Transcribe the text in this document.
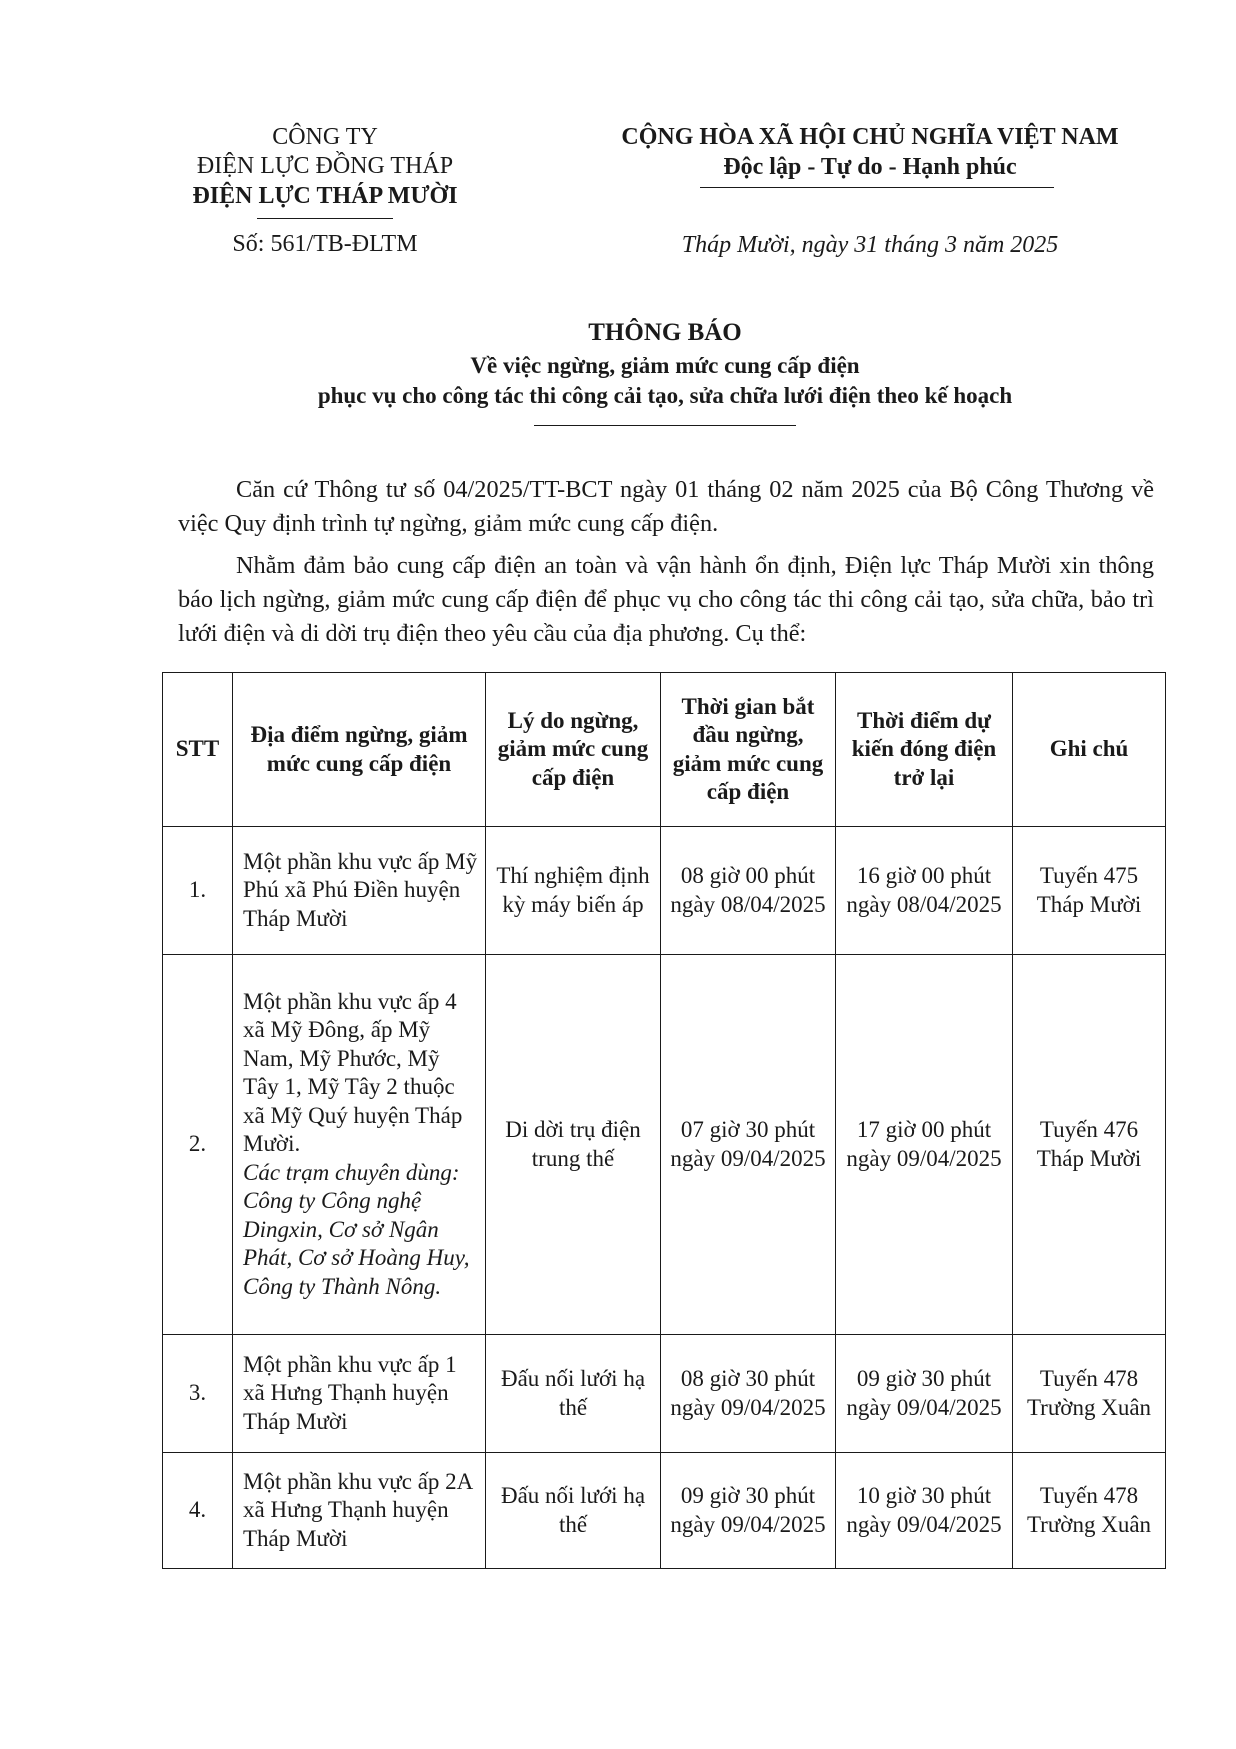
CÔNG TY
ĐIỆN LỰC ĐỒNG THÁP
ĐIỆN LỰC THÁP MƯỜI
Số: 561/TB-ĐLTM
CỘNG HÒA XÃ HỘI CHỦ NGHĨA VIỆT NAM
Độc lập - Tự do - Hạnh phúc
Tháp Mười, ngày 31 tháng 3 năm 2025
THÔNG BÁO
Về việc ngừng, giảm mức cung cấp điện
phục vụ cho công tác thi công cải tạo, sửa chữa lưới điện theo kế hoạch
Căn cứ Thông tư số 04/2025/TT-BCT ngày 01 tháng 02 năm 2025 của Bộ Công Thương về việc Quy định trình tự ngừng, giảm mức cung cấp điện.
Nhằm đảm bảo cung cấp điện an toàn và vận hành ổn định, Điện lực Tháp Mười xin thông báo lịch ngừng, giảm mức cung cấp điện để phục vụ cho công tác thi công cải tạo, sửa chữa, bảo trì lưới điện và di dời trụ điện theo yêu cầu của địa phương. Cụ thể:
STT	Địa điểm ngừng, giảm mức cung cấp điện	Lý do ngừng, giảm mức cung cấp điện	Thời gian bắt đầu ngừng, giảm mức cung cấp điện	Thời điểm dự kiến đóng điện trở lại	Ghi chú
1.	Một phần khu vực ấp Mỹ Phú xã Phú Điền huyện Tháp Mười	Thí nghiệm định kỳ máy biến áp	08 giờ 00 phút ngày 08/04/2025	16 giờ 00 phút ngày 08/04/2025	Tuyến 475 Tháp Mười
2.	Một phần khu vực ấp 4 xã Mỹ Đông, ấp Mỹ Nam, Mỹ Phước, Mỹ Tây 1, Mỹ Tây 2 thuộc xã Mỹ Quý huyện Tháp Mười.
Các trạm chuyên dùng: Công ty Công nghệ Dingxin, Cơ sở Ngân Phát, Cơ sở Hoàng Huy, Công ty Thành Nông.	Di dời trụ điện trung thế	07 giờ 30 phút ngày 09/04/2025	17 giờ 00 phút ngày 09/04/2025	Tuyến 476 Tháp Mười
3.	Một phần khu vực ấp 1 xã Hưng Thạnh huyện Tháp Mười	Đấu nối lưới hạ thế	08 giờ 30 phút ngày 09/04/2025	09 giờ 30 phút ngày 09/04/2025	Tuyến 478 Trường Xuân
4.	Một phần khu vực ấp 2A xã Hưng Thạnh huyện Tháp Mười	Đấu nối lưới hạ thế	09 giờ 30 phút ngày 09/04/2025	10 giờ 30 phút ngày 09/04/2025	Tuyến 478 Trường Xuân
